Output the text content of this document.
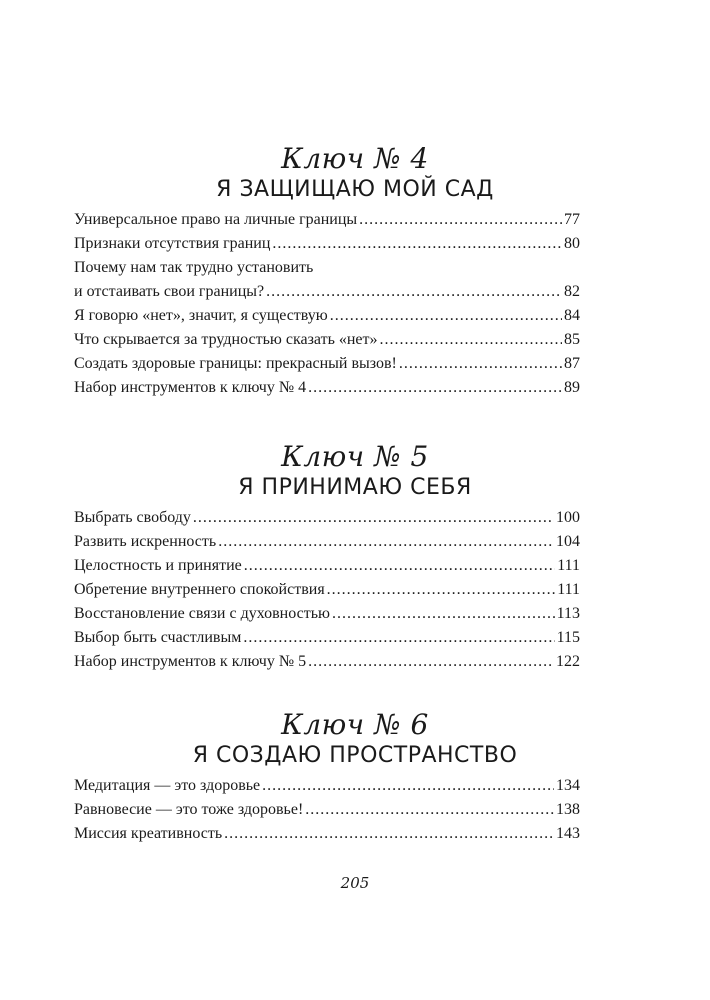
Ключ № 4
Я ЗАЩИЩАЮ МОЙ САД
Универсальное право на личные границы .....	77
Признаки отсутствия границ .....	80
Почему нам так трудно установить
и отстаивать свои границы? .....	82
Я говорю «нет», значит, я существую .....	84
Что скрывается за трудностью сказать «нет» .....	85
Создать здоровые границы: прекрасный вызов! .....	87
Набор инструментов к ключу № 4 .....	89
Ключ № 5
Я ПРИНИМАЮ СЕБЯ
Выбрать свободу .....	100
Развить искренность .....	104
Целостность и принятие .....	111
Обретение внутреннего спокойствия .....	111
Восстановление связи с духовностью .....	113
Выбор быть счастливым .....	115
Набор инструментов к ключу № 5 .....	122
Ключ № 6
Я СОЗДАЮ ПРОСТРАНСТВО
Медитация — это здоровье .....	134
Равновесие — это тоже здоровье! .....	138
Миссия креативность .....	143
205
